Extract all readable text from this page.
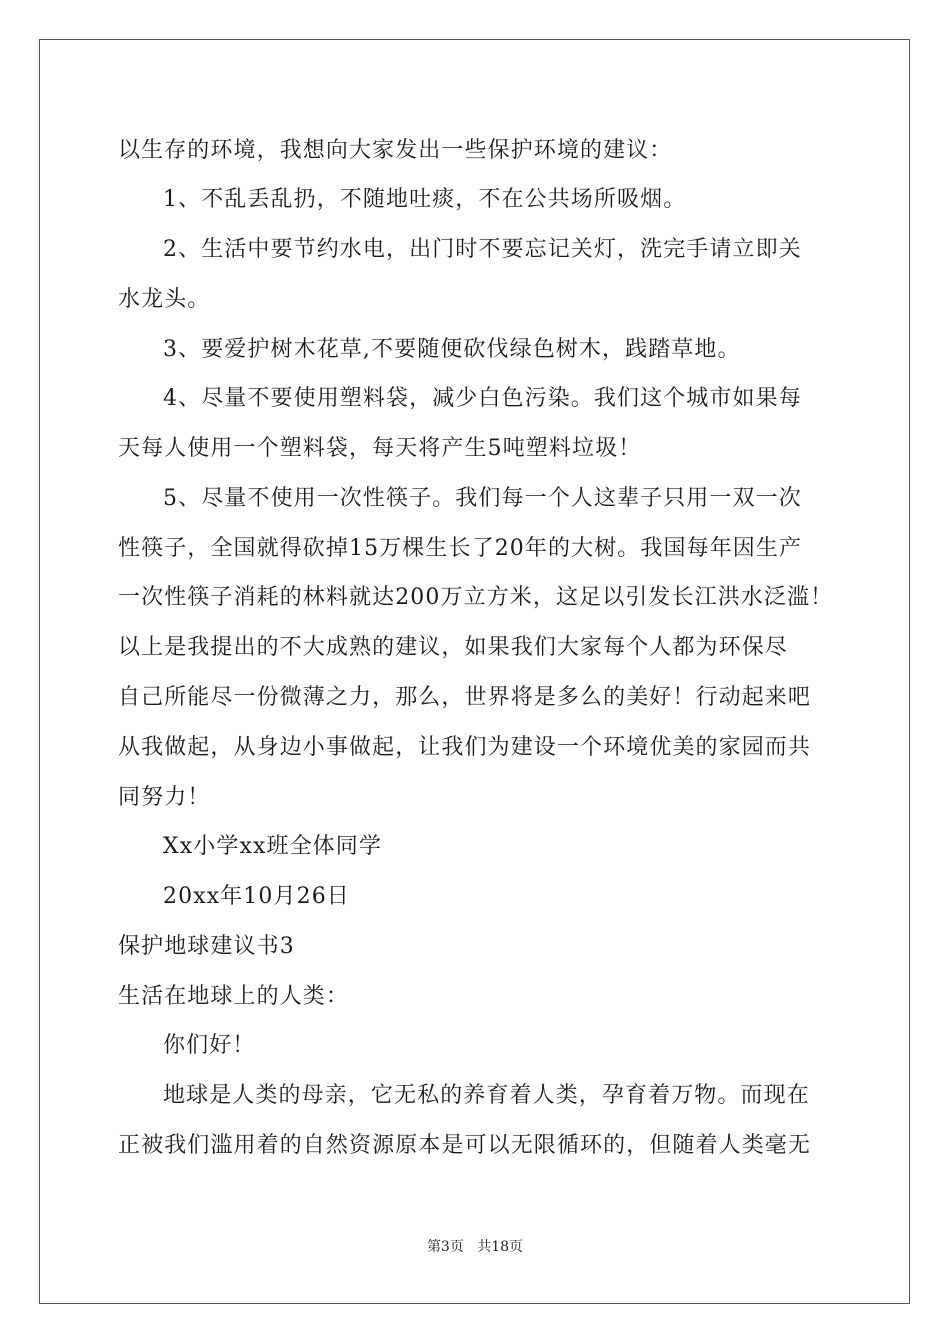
以生存的环境，我想向大家发出一些保护环境的建议：

1、不乱丢乱扔，不随地吐痰，不在公共场所吸烟。

2、生活中要节约水电，出门时不要忘记关灯，洗完手请立即关

水龙头。

3、要爱护树木花草,不要随便砍伐绿色树木，践踏草地。

4、尽量不要使用塑料袋，减少白色污染。我们这个城市如果每

天每人使用一个塑料袋，每天将产生5吨塑料垃圾！

5、尽量不使用一次性筷子。我们每一个人这辈子只用一双一次

性筷子，全国就得砍掉15万棵生长了20年的大树。我国每年因生产

一次性筷子消耗的林料就达200万立方米，这足以引发长江洪水泛滥！

以上是我提出的不大成熟的建议，如果我们大家每个人都为环保尽

自己所能尽一份微薄之力，那么，世界将是多么的美好！行动起来吧

从我做起，从身边小事做起，让我们为建设一个环境优美的家园而共

同努力！

Xx小学xx班全体同学

20xx年10月26日

保护地球建议书3

生活在地球上的人类：

你们好！

地球是人类的母亲，它无私的养育着人类，孕育着万物。而现在

正被我们滥用着的自然资源原本是可以无限循环的，但随着人类毫无

第3页 共18页
